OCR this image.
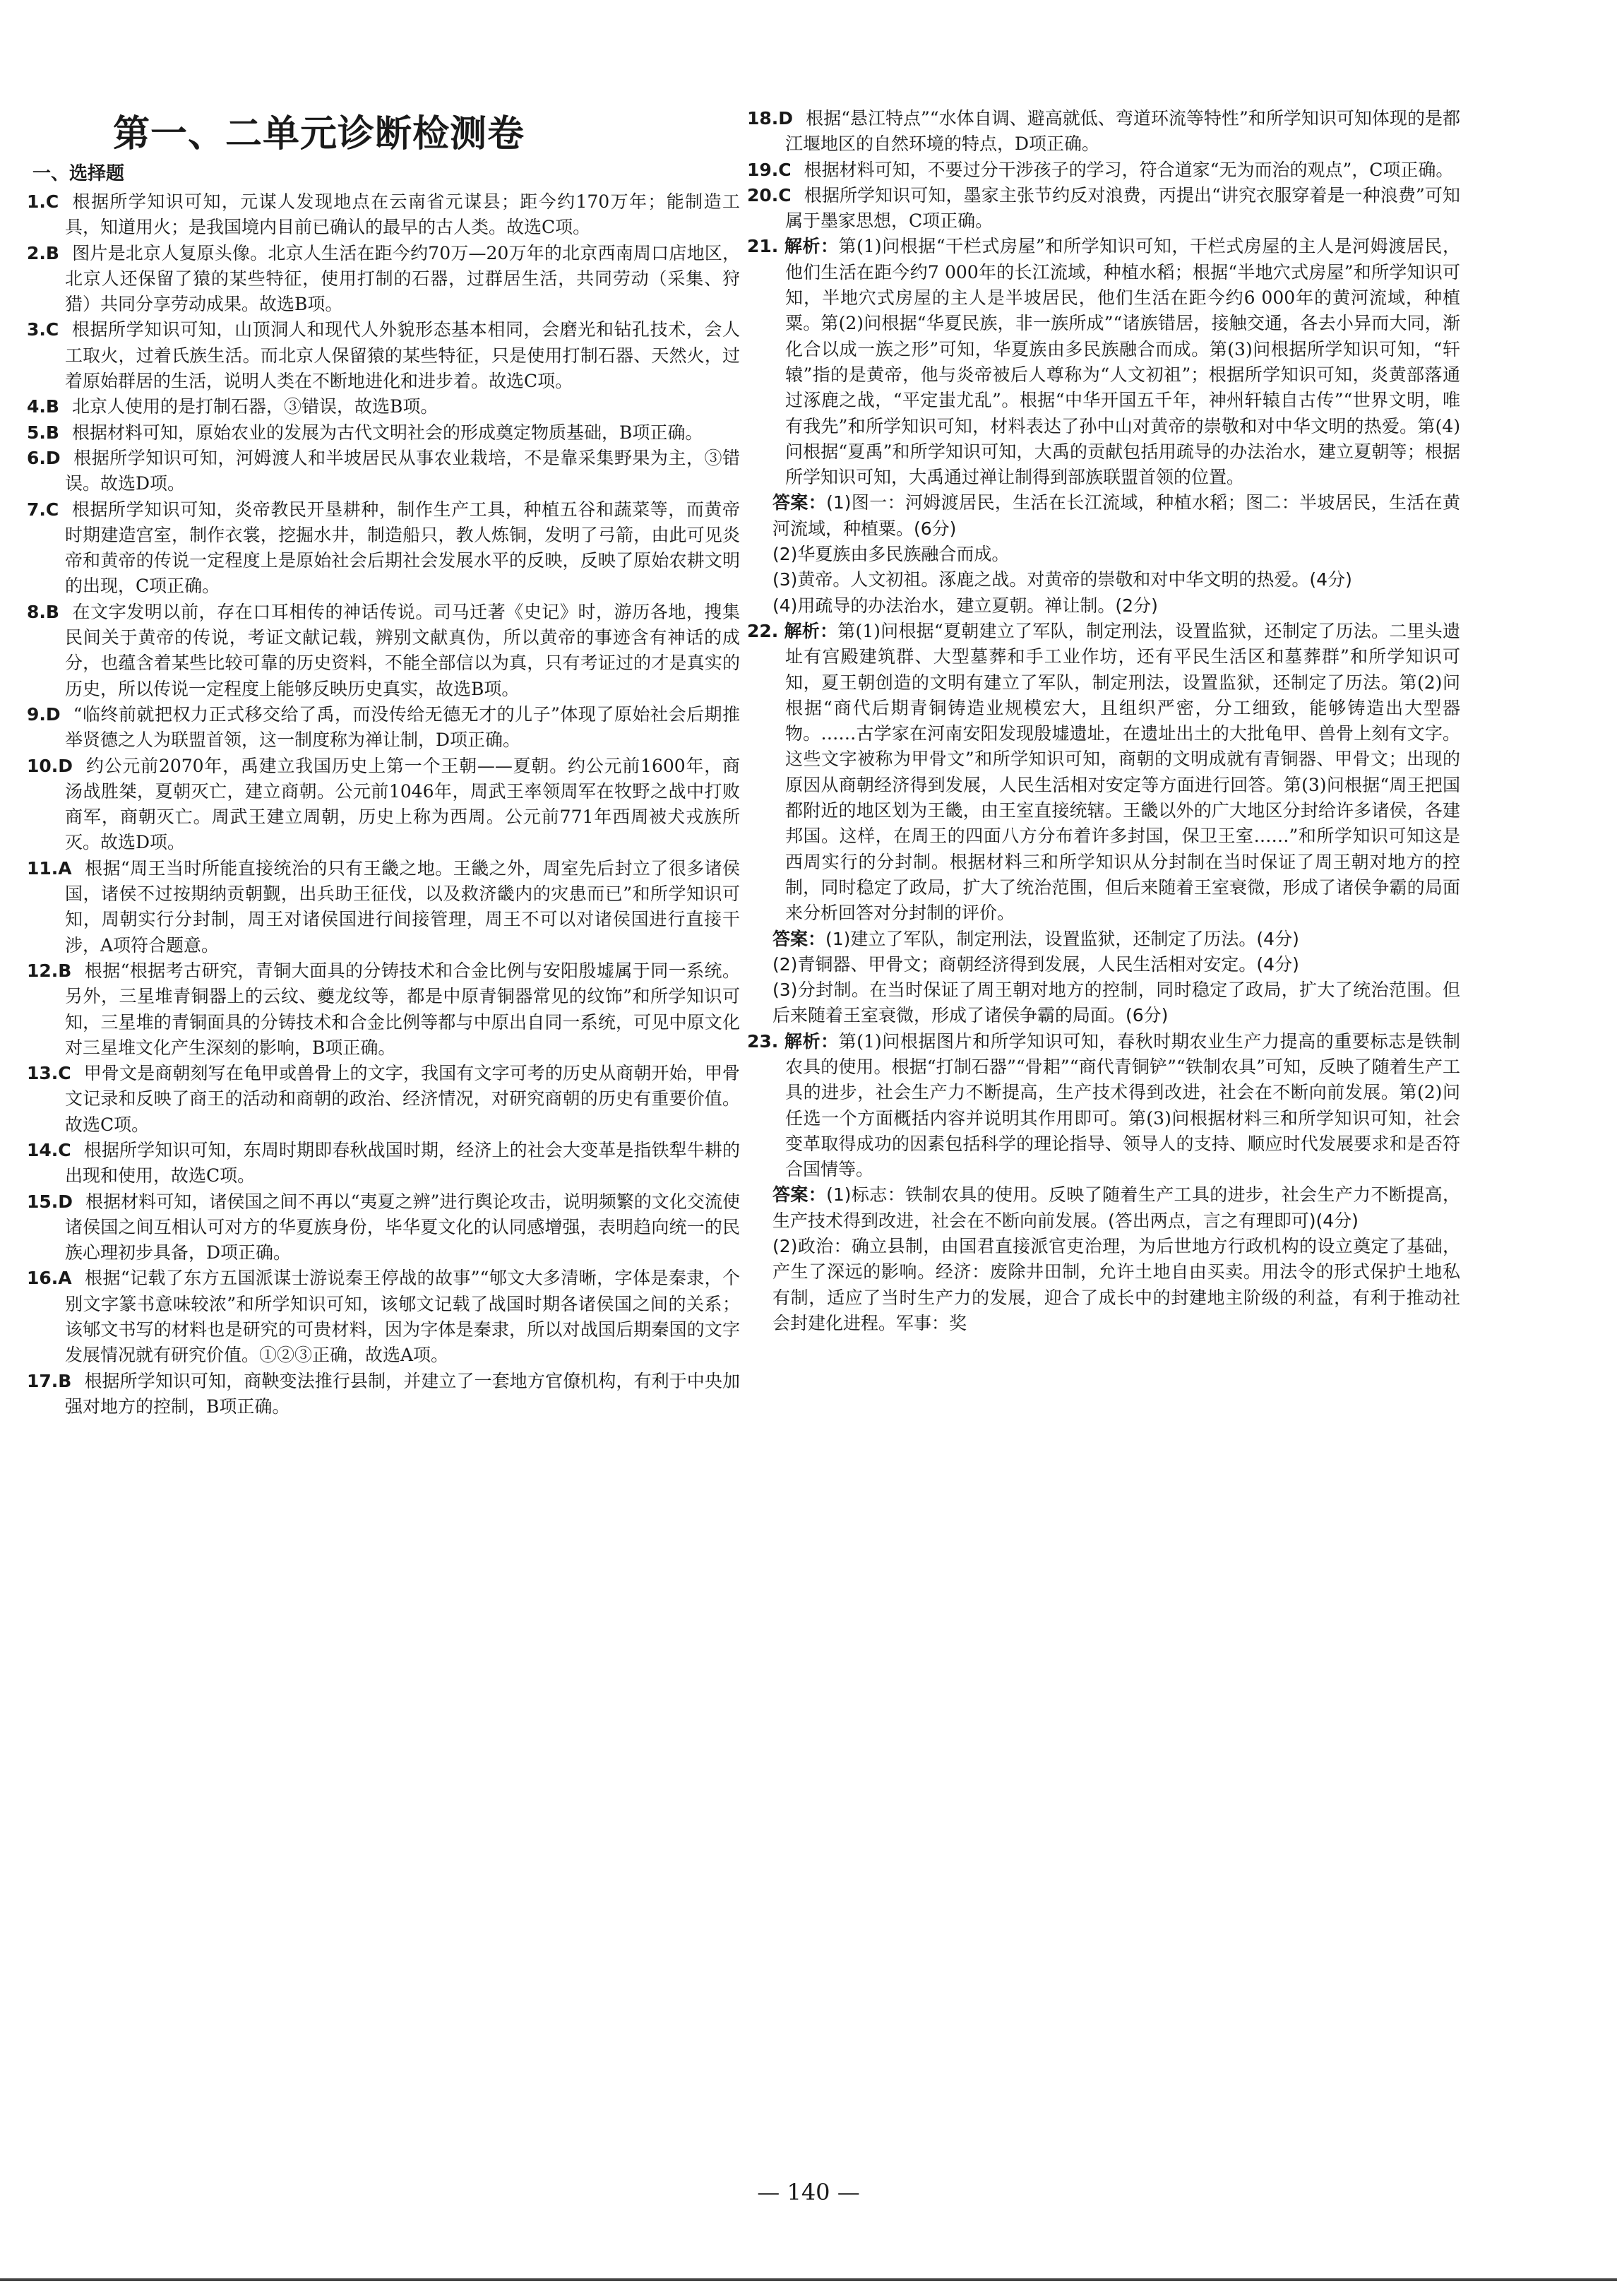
第一、二单元诊断检测卷
一、选择题

1.C 根据所学知识可知，元谋人发现地点在云南省元谋县；距今约170万年；能制造工具，知道用火；是我国境内目前已确认的最早的古人类。故选C项。

2.B 图片是北京人复原头像。北京人生活在距今约70万—20万年的北京西南周口店地区，北京人还保留了猿的某些特征，使用打制的石器，过群居生活，共同劳动（采集、狩猎）共同分享劳动成果。故选B项。

3.C 根据所学知识可知，山顶洞人和现代人外貌形态基本相同，会磨光和钻孔技术，会人工取火，过着氏族生活。而北京人保留猿的某些特征，只是使用打制石器、天然火，过着原始群居的生活，说明人类在不断地进化和进步着。故选C项。

4.B 北京人使用的是打制石器，③错误，故选B项。

5.B 根据材料可知，原始农业的发展为古代文明社会的形成奠定物质基础，B项正确。

6.D 根据所学知识可知，河姆渡人和半坡居民从事农业栽培，不是靠采集野果为主，③错误。故选D项。

7.C 根据所学知识可知，炎帝教民开垦耕种，制作生产工具，种植五谷和蔬菜等，而黄帝时期建造宫室，制作衣裳，挖掘水井，制造船只，教人炼铜，发明了弓箭，由此可见炎帝和黄帝的传说一定程度上是原始社会后期社会发展水平的反映，反映了原始农耕文明的出现，C项正确。

8.B 在文字发明以前，存在口耳相传的神话传说。司马迁著《史记》时，游历各地，搜集民间关于黄帝的传说，考证文献记载，辨别文献真伪，所以黄帝的事迹含有神话的成分，也蕴含着某些比较可靠的历史资料，不能全部信以为真，只有考证过的才是真实的历史，所以传说一定程度上能够反映历史真实，故选B项。

9.D “临终前就把权力正式移交给了禹，而没传给无德无才的儿子”体现了原始社会后期推举贤德之人为联盟首领，这一制度称为禅让制，D项正确。

10.D 约公元前2070年，禹建立我国历史上第一个王朝——夏朝。约公元前1600年，商汤战胜桀，夏朝灭亡，建立商朝。公元前1046年，周武王率领周军在牧野之战中打败商军，商朝灭亡。周武王建立周朝，历史上称为西周。公元前771年西周被犬戎族所灭。故选D项。

11.A 根据“周王当时所能直接统治的只有王畿之地。王畿之外，周室先后封立了很多诸侯国，诸侯不过按期纳贡朝觐，出兵助王征伐，以及救济畿内的灾患而已”和所学知识可知，周朝实行分封制，周王对诸侯国进行间接管理，周王不可以对诸侯国进行直接干涉，A项符合题意。

12.B 根据“根据考古研究，青铜大面具的分铸技术和合金比例与安阳殷墟属于同一系统。另外，三星堆青铜器上的云纹、夔龙纹等，都是中原青铜器常见的纹饰”和所学知识可知，三星堆的青铜面具的分铸技术和合金比例等都与中原出自同一系统，可见中原文化对三星堆文化产生深刻的影响，B项正确。

13.C 甲骨文是商朝刻写在龟甲或兽骨上的文字，我国有文字可考的历史从商朝开始，甲骨文记录和反映了商王的活动和商朝的政治、经济情况，对研究商朝的历史有重要价值。故选C项。

14.C 根据所学知识可知，东周时期即春秋战国时期，经济上的社会大变革是指铁犁牛耕的出现和使用，故选C项。

15.D 根据材料可知，诸侯国之间不再以“夷夏之辨”进行舆论攻击，说明频繁的文化交流使诸侯国之间互相认可对方的华夏族身份，毕华夏文化的认同感增强，表明趋向统一的民族心理初步具备，D项正确。

16.A 根据“记载了东方五国派谋士游说秦王停战的故事”“郇文大多清晰，字体是秦隶，个别文字篆书意味较浓”和所学知识可知，该郇文记载了战国时期各诸侯国之间的关系；该郇文书写的材料也是研究的可贵材料，因为字体是秦隶，所以对战国后期秦国的文字发展情况就有研究价值。①②③正确，故选A项。

17.B 根据所学知识可知，商鞅变法推行县制，并建立了一套地方官僚机构，有利于中央加强对地方的控制，B项正确。

18.D 根据“悬江特点”“水体自调、避高就低、弯道环流等特性”和所学知识可知体现的是都江堰地区的自然环境的特点，D项正确。

19.C 根据材料可知，不要过分干涉孩子的学习，符合道家“无为而治的观点”，C项正确。

20.C 根据所学知识可知，墨家主张节约反对浪费，丙提出“讲究衣服穿着是一种浪费”可知属于墨家思想，C项正确。

21. 解析：第(1)问根据“干栏式房屋”和所学知识可知，干栏式房屋的主人是河姆渡居民，他们生活在距今约7 000年的长江流域，种植水稻；根据“半地穴式房屋”和所学知识可知，半地穴式房屋的主人是半坡居民，他们生活在距今约6 000年的黄河流域，种植粟。第(2)问根据“华夏民族，非一族所成”“诸族错居，接触交通，各去小异而大同，渐化合以成一族之形”可知，华夏族由多民族融合而成。第(3)问根据所学知识可知，“轩辕”指的是黄帝，他与炎帝被后人尊称为“人文初祖”；根据所学知识可知，炎黄部落通过涿鹿之战，“平定蚩尤乱”。根据“中华开国五千年，神州轩辕自古传”“世界文明，唯有我先”和所学知识可知，材料表达了孙中山对黄帝的崇敬和对中华文明的热爱。第(4)问根据“夏禹”和所学知识可知，大禹的贡献包括用疏导的办法治水，建立夏朝等；根据所学知识可知，大禹通过禅让制得到部族联盟首领的位置。

答案：(1)图一：河姆渡居民，生活在长江流域，种植水稻；图二：半坡居民，生活在黄河流域，种植粟。(6分)

(2)华夏族由多民族融合而成。

(3)黄帝。人文初祖。涿鹿之战。对黄帝的崇敬和对中华文明的热爱。(4分)

(4)用疏导的办法治水，建立夏朝。禅让制。(2分)

22. 解析：第(1)问根据“夏朝建立了军队，制定刑法，设置监狱，还制定了历法。二里头遗址有宫殿建筑群、大型墓葬和手工业作坊，还有平民生活区和墓葬群”和所学知识可知，夏王朝创造的文明有建立了军队，制定刑法，设置监狱，还制定了历法。第(2)问根据“商代后期青铜铸造业规模宏大，且组织严密，分工细致，能够铸造出大型器物。……古学家在河南安阳发现殷墟遗址，在遗址出土的大批龟甲、兽骨上刻有文字。这些文字被称为甲骨文”和所学知识可知，商朝的文明成就有青铜器、甲骨文；出现的原因从商朝经济得到发展，人民生活相对安定等方面进行回答。第(3)问根据“周王把国都附近的地区划为王畿，由王室直接统辖。王畿以外的广大地区分封给许多诸侯，各建邦国。这样，在周王的四面八方分布着许多封国，保卫王室……”和所学知识可知这是西周实行的分封制。根据材料三和所学知识从分封制在当时保证了周王朝对地方的控制，同时稳定了政局，扩大了统治范围，但后来随着王室衰微，形成了诸侯争霸的局面来分析回答对分封制的评价。

答案：(1)建立了军队，制定刑法，设置监狱，还制定了历法。(4分)

(2)青铜器、甲骨文；商朝经济得到发展，人民生活相对安定。(4分)

(3)分封制。在当时保证了周王朝对地方的控制，同时稳定了政局，扩大了统治范围。但后来随着王室衰微，形成了诸侯争霸的局面。(6分)

23. 解析：第(1)问根据图片和所学知识可知，春秋时期农业生产力提高的重要标志是铁制农具的使用。根据“打制石器”“骨耜”“商代青铜铲”“铁制农具”可知，反映了随着生产工具的进步，社会生产力不断提高，生产技术得到改进，社会在不断向前发展。第(2)问任选一个方面概括内容并说明其作用即可。第(3)问根据材料三和所学知识可知，社会变革取得成功的因素包括科学的理论指导、领导人的支持、顺应时代发展要求和是否符合国情等。

答案：(1)标志：铁制农具的使用。反映了随着生产工具的进步，社会生产力不断提高，生产技术得到改进，社会在不断向前发展。(答出两点，言之有理即可)(4分)

(2)政治：确立县制，由国君直接派官吏治理，为后世地方行政机构的设立奠定了基础，产生了深远的影响。经济：废除井田制，允许土地自由买卖。用法令的形式保护土地私有制，适应了当时生产力的发展，迎合了成长中的封建地主阶级的利益，有利于推动社会封建化进程。军事：奖

— 140 —
